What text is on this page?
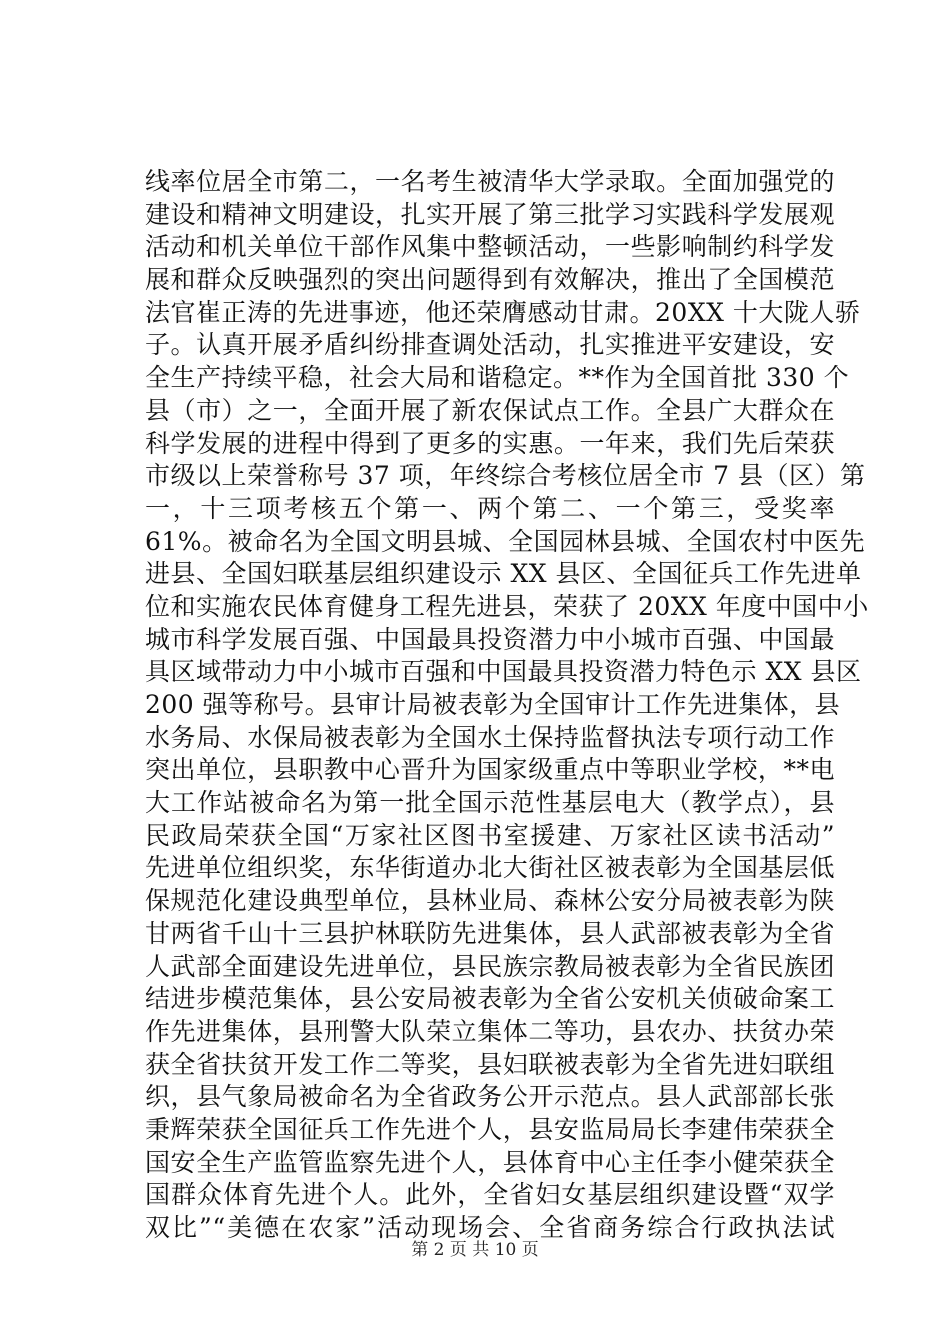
线率位居全市第二，一名考生被清华大学录取。全面加强党的
建设和精神文明建设，扎实开展了第三批学习实践科学发展观
活动和机关单位干部作风集中整顿活动，一些影响制约科学发
展和群众反映强烈的突出问题得到有效解决，推出了全国模范
法官崔正涛的先进事迹，他还荣膺感动甘肃。20XX 十大陇人骄
子。认真开展矛盾纠纷排查调处活动，扎实推进平安建设，安
全生产持续平稳，社会大局和谐稳定。**作为全国首批 330 个
县（市）之一，全面开展了新农保试点工作。全县广大群众在
科学发展的进程中得到了更多的实惠。一年来，我们先后荣获
市级以上荣誉称号 37 项，年终综合考核位居全市 7 县（区）第
一，十三项考核五个第一、两个第二、一个第三，受奖率
61%。被命名为全国文明县城、全国园林县城、全国农村中医先
进县、全国妇联基层组织建设示 XX 县区、全国征兵工作先进单
位和实施农民体育健身工程先进县，荣获了 20XX 年度中国中小
城市科学发展百强、中国最具投资潜力中小城市百强、中国最
具区域带动力中小城市百强和中国最具投资潜力特色示 XX 县区
200 强等称号。县审计局被表彰为全国审计工作先进集体，县
水务局、水保局被表彰为全国水土保持监督执法专项行动工作
突出单位，县职教中心晋升为国家级重点中等职业学校，**电
大工作站被命名为第一批全国示范性基层电大（教学点），县
民政局荣获全国“万家社区图书室援建、万家社区读书活动”
先进单位组织奖，东华街道办北大街社区被表彰为全国基层低
保规范化建设典型单位，县林业局、森林公安分局被表彰为陕
甘两省千山十三县护林联防先进集体，县人武部被表彰为全省
人武部全面建设先进单位，县民族宗教局被表彰为全省民族团
结进步模范集体，县公安局被表彰为全省公安机关侦破命案工
作先进集体，县刑警大队荣立集体二等功，县农办、扶贫办荣
获全省扶贫开发工作二等奖，县妇联被表彰为全省先进妇联组
织，县气象局被命名为全省政务公开示范点。县人武部部长张
秉辉荣获全国征兵工作先进个人，县安监局局长李建伟荣获全
国安全生产监管监察先进个人，县体育中心主任李小健荣获全
国群众体育先进个人。此外，全省妇女基层组织建设暨“双学
双比”“美德在农家”活动现场会、全省商务综合行政执法试
第 2 页 共 10 页
